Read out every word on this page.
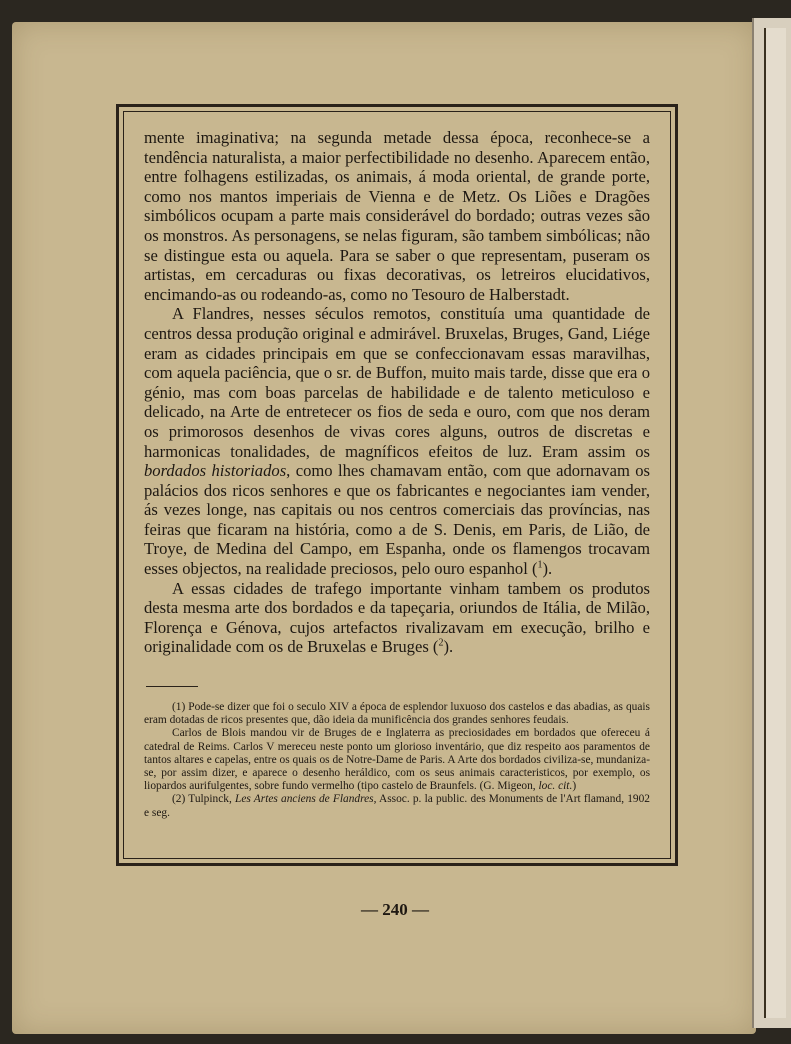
mente imaginativa; na segunda metade dessa época, reconhece-se a tendência naturalista, a maior perfectibilidade no desenho. Aparecem então, entre folhagens estilizadas, os animais, á moda oriental, de grande porte, como nos mantos imperiais de Vienna e de Metz. Os Liões e Dragões simbólicos ocupam a parte mais considerável do bordado; outras vezes são os monstros. As personagens, se nelas figuram, são tambem simbólicas; não se distingue esta ou aquela. Para se saber o que representam, puseram os artistas, em cercaduras ou fixas decorativas, os letreiros elucidativos, encimando-as ou rodeando-as, como no Tesouro de Halberstadt.

A Flandres, nesses séculos remotos, constituía uma quantidade de centros dessa produção original e admirável. Bruxelas, Bruges, Gand, Liége eram as cidades principais em que se confeccionavam essas maravilhas, com aquela paciência, que o sr. de Buffon, muito mais tarde, disse que era o génio, mas com boas parcelas de habilidade e de talento meticuloso e delicado, na Arte de entretecer os fios de seda e ouro, com que nos deram os primorosos desenhos de vivas cores alguns, outros de discretas e harmonicas tonalidades, de magníficos efeitos de luz. Eram assim os bordados historiados, como lhes chamavam então, com que adornavam os palácios dos ricos senhores e que os fabricantes e negociantes iam vender, ás vezes longe, nas capitais ou nos centros comerciais das províncias, nas feiras que ficaram na história, como a de S. Denis, em Paris, de Lião, de Troye, de Medina del Campo, em Espanha, onde os flamengos trocavam esses objectos, na realidade preciosos, pelo ouro espanhol ($^1$).

A essas cidades de trafego importante vinham tambem os produtos desta mesma arte dos bordados e da tapeçaria, oriundos de Itália, de Milão, Florença e Génova, cujos artefactos rivalizavam em execução, brilho e originalidade com os de Bruxelas e Bruges ($^2$).

(1) Pode-se dizer que foi o seculo XIV a época de esplendor luxuoso dos castelos e das abadias, as quais eram dotadas de ricos presentes que, dão ideia da munificência dos grandes senhores feudais.

Carlos de Blois mandou vir de Bruges de e Inglaterra as preciosidades em bordados que ofereceu á catedral de Reims. Carlos V mereceu neste ponto um glorioso inventário, que diz respeito aos paramentos de tantos altares e capelas, entre os quais os de Notre-Dame de Paris. A Arte dos bordados civiliza-se, mundaniza-se, por assim dizer, e aparece o desenho heráldico, com os seus animais caracteristicos, por exemplo, os liopardos aurifulgentes, sobre fundo vermelho (tipo castelo de Braunfels. (G. Migeon, loc. cit.)

(2) Tulpinck, Les Artes anciens de Flandres, Assoc. p. la public. des Monuments de l'Art flamand, 1902 e seg.

— 240 —
